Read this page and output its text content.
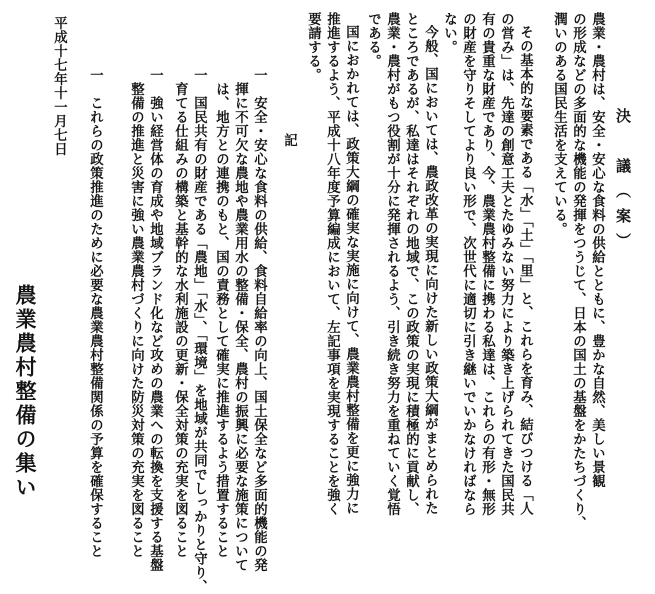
決　議（案）
農業・農村は、安全・安心な食料の供給とともに、豊かな自然、美しい景観
の形成などの多面的な機能の発揮をつうじて、日本の国土の基盤をかたちづくり、
潤いのある国民生活を支えている。
その基本的な要素である「水」「土」「里」と、これらを育み、結びつける「人
の営み」は、先達の創意工夫とたゆみない努力により築き上げられてきた国民共
有の貴重な財産であり、今、農業農村整備に携わる私達は、これらの有形・無形
の財産を守りそしてより良い形で、次世代に適切に引き継いでいかなければなら
ない。
今般、国においては、農政改革の実現に向けた新しい政策大綱がまとめられた
ところであるが、私達はそれぞれの地域で、この政策の実現に積極的に貢献し、
農業・農村がもつ役割が十分に発揮されるよう、引き続き努力を重ねていく覚悟
である。
国におかれては、政策大綱の確実な実施に向けて、農業農村整備を更に強力に
推進するよう、平成十八年度予算編成において、左記事項を実現することを強く
要請する。
記
一　安全・安心な食料の供給、食料自給率の向上、国土保全など多面的機能の発
　揮に不可欠な農地や農業用水の整備・保全、農村の振興に必要な施策について
　は、地方との連携のもと、国の責務として確実に推進するよう措置すること
一　国民共有の財産である「農地」「水」、「環境」を地域が共同でしっかりと守り、
　育てる仕組みの構築と基幹的な水利施設の更新・保全対策の充実を図ること
一　強い経営体の育成や地域ブランド化など攻めの農業への転換を支援する基盤
　整備の推進と災害に強い農業農村づくりに向けた防災対策の充実を図ること
一　これらの政策推進のために必要な農業農村整備関係の予算を確保すること
平成十七年十一月七日
農業農村整備の集い
